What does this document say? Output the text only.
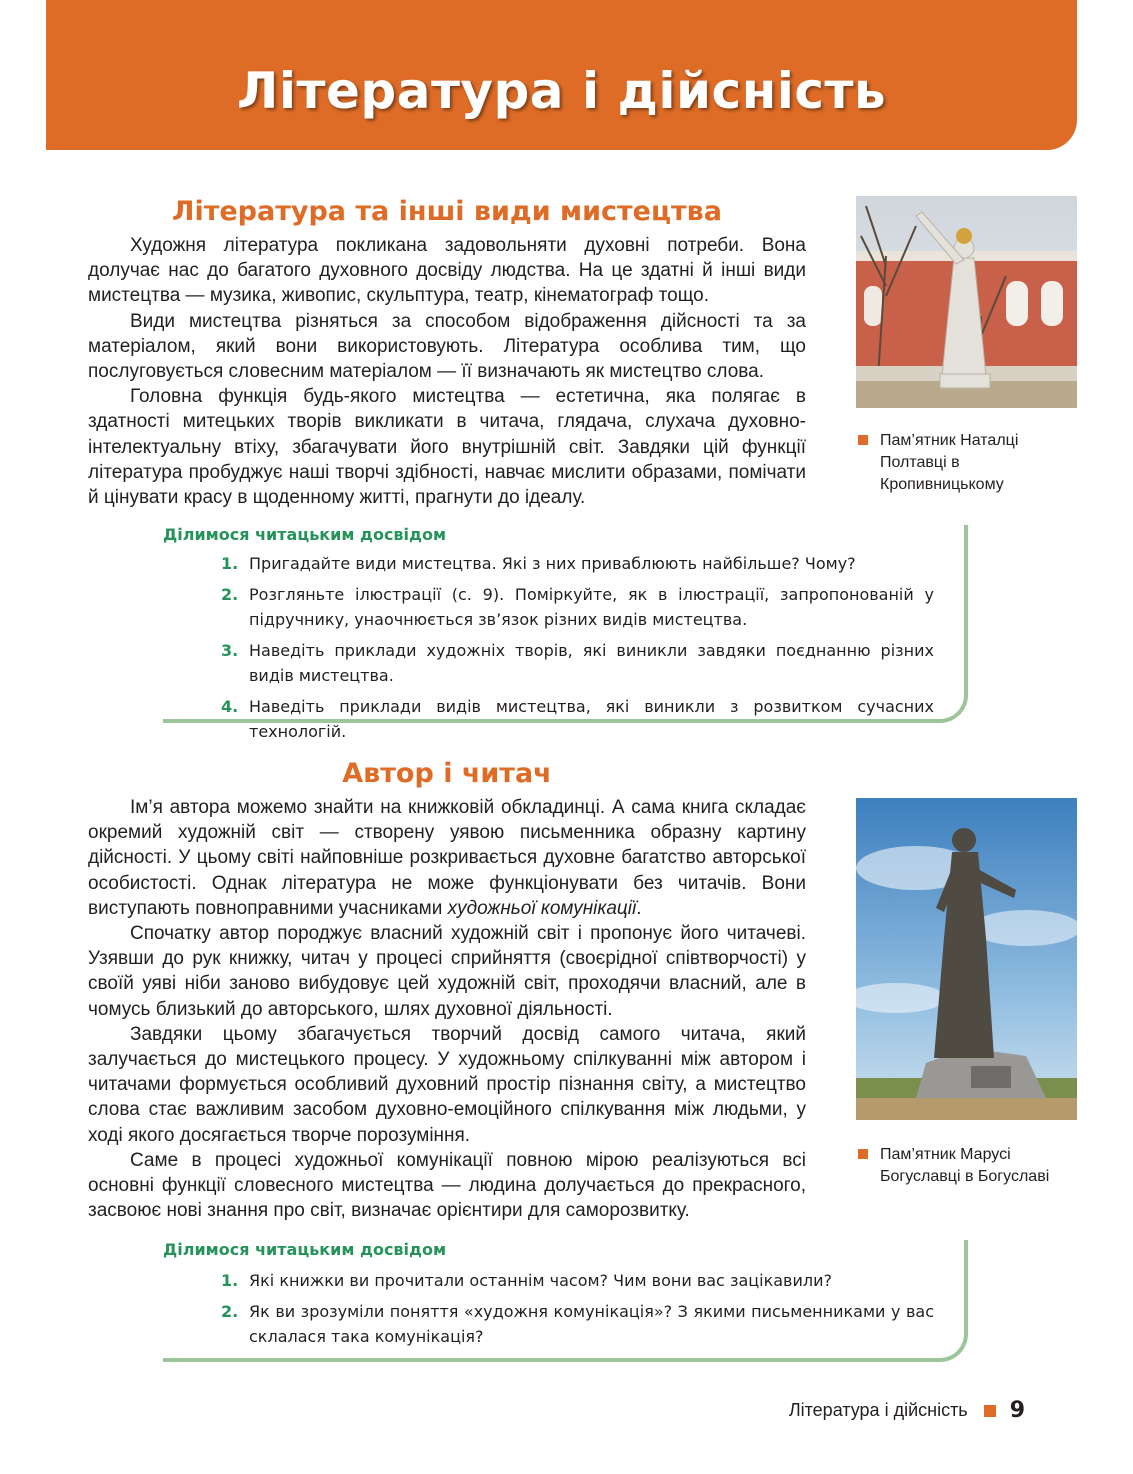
Література і дійсність
Література та інші види мистецтва

Художня література покликана задовольняти духовні потреби. Вона долучає нас до багатого духовного досвіду людства. На це здатні й інші види мистецтва — музика, живопис, скульптура, театр, кінематограф тощо.

Види мистецтва різняться за способом відображення дійсності та за матеріалом, який вони використовують. Література особлива тим, що послуговується словесним матеріалом — її визначають як мистецтво слова.

Головна функція будь-якого мистецтва — естетична, яка полягає в здатності митецьких творів викликати в читача, глядача, слухача духовно-інтелектуальну втіху, збагачувати його внутрішній світ. Завдяки цій функції література пробуджує наші творчі здібності, навчає мислити образами, помічати й цінувати красу в щоденному житті, прагнути до ідеалу.

Пам’ятник Наталці Полтавці в Кропивницькому
Ділимося читацьким досвідом
1. Пригадайте види мистецтва. Які з них приваблюють найбільше? Чому?
2. Розгляньте ілюстрації (с. 9). Поміркуйте, як в ілюстрації, запропонованій у підручнику, унаочнюється зв’язок різних видів мистецтва.
3. Наведіть приклади художніх творів, які виникли завдяки поєднанню різних видів мистецтва.
4. Наведіть приклади видів мистецтва, які виникли з розвитком сучасних технологій.
Автор і читач

Ім’я автора можемо знайти на книжковій обкладинці. А сама книга складає окремий художній світ — створену уявою письменника образну картину дійсності. У цьому світі найповніше розкривається духовне багатство авторської особистості. Однак література не може функціонувати без читачів. Вони виступають повноправними учасниками художньої комунікації.

Спочатку автор породжує власний художній світ і пропонує його читачеві. Узявши до рук книжку, читач у процесі сприйняття (своєрідної співтворчості) у своїй уяві ніби заново вибудовує цей художній світ, проходячи власний, але в чомусь близький до авторського, шлях духовної діяльності.

Завдяки цьому збагачується творчий досвід самого читача, який залучається до мистецького процесу. У художньому спілкуванні між автором і читачами формується особливий духовний простір пізнання світу, а мистецтво слова стає важливим засобом духовно-емоційного спілкування між людьми, у ході якого досягається творче порозуміння.

Саме в процесі художньої комунікації повною мірою реалізуються всі основні функції словесного мистецтва — людина долучається до прекрасного, засвоює нові знання про світ, визначає орієнтири для саморозвитку.

Пам’ятник Марусі Богуславці в Богуславі
Ділимося читацьким досвідом
1. Які книжки ви прочитали останнім часом? Чим вони вас зацікавили?
2. Як ви зрозуміли поняття «художня комунікація»? З якими письменниками у вас склалася така комунікація?
Література і дійсність 9
